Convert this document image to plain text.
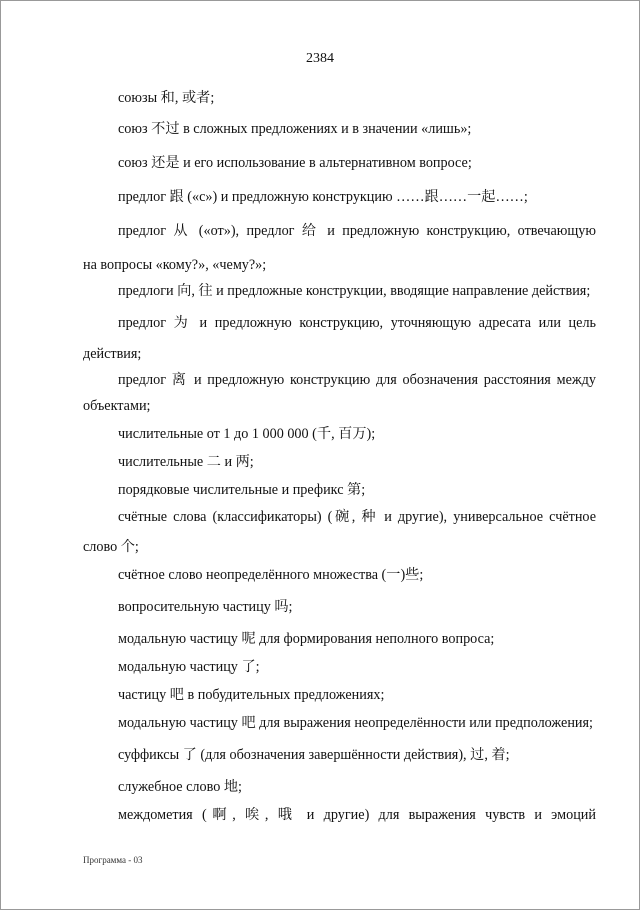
2384
союзы 和, 或者;
союз 不过 в сложных предложениях и в значении «лишь»;
союз 还是 и его использование в альтернативном вопросе;
предлог 跟 («с») и предложную конструкцию ……跟……一起……;
предлог 从 («от»), предлог 给 и предложную конструкцию, отвечающую
на вопросы «кому?», «чему?»;
предлоги 向, 往 и предложные конструкции, вводящие направление действия;
предлог 为 и предложную конструкцию, уточняющую адресата или цель
действия;
предлог 离 и предложную конструкцию для обозначения расстояния между
объектами;
числительные от 1 до 1 000 000 (千, 百万);
числительные 二 и 两;
порядковые числительные и префикс 第;
счётные слова (классификаторы) (碗, 种 и другие), универсальное счётное
слово 个;
счётное слово неопределённого множества (一)些;
вопросительную частицу 吗;
модальную частицу 呢 для формирования неполного вопроса;
модальную частицу 了;
частицу 吧 в побудительных предложениях;
модальную частицу 吧 для выражения неопределённости или предположения;
суффиксы 了 (для обозначения завершённости действия), 过, 着;
служебное слово 地;
междометия (啊, 唉, 哦 и другие) для выражения чувств и эмоций
Программа - 03
